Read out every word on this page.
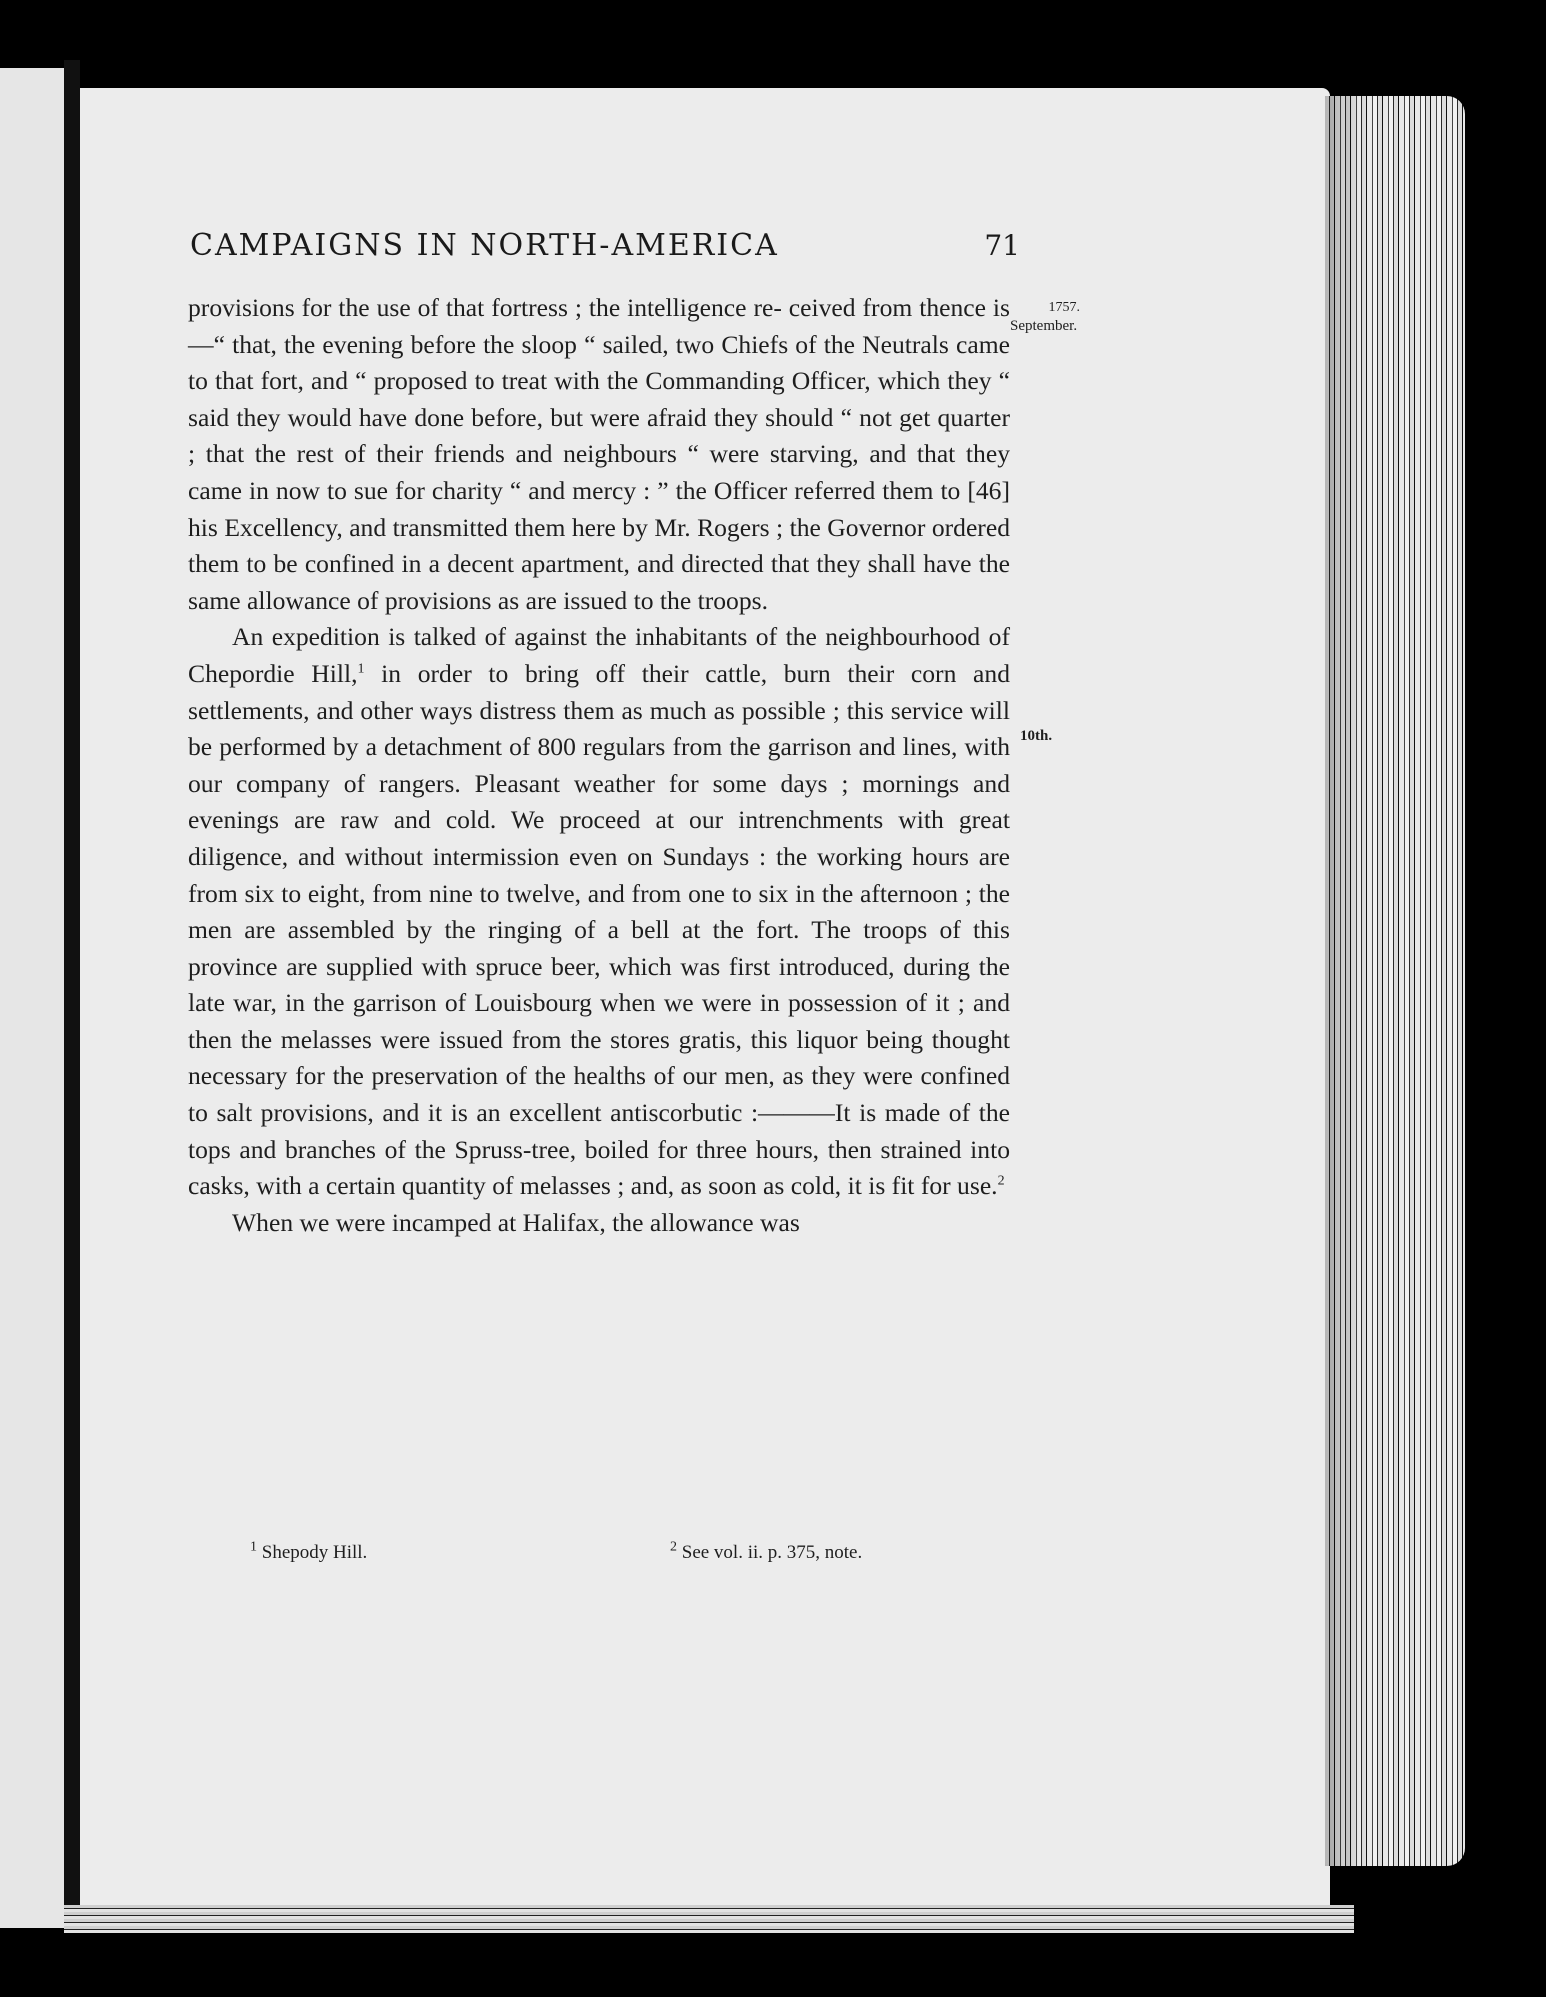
CAMPAIGNS IN NORTH-AMERICA	71
1757.
September.
10th.

provisions for the use of that fortress ; the intelligence re- ceived from thence is—“ that, the evening before the sloop “ sailed, two Chiefs of the Neutrals came to that fort, and “ proposed to treat with the Commanding Officer, which they “ said they would have done before, but were afraid they should “ not get quarter ; that the rest of their friends and neighbours “ were starving, and that they came in now to sue for charity “ and mercy : ” the Officer referred them to [46] his Excellency, and transmitted them here by Mr. Rogers ; the Governor ordered them to be confined in a decent apartment, and directed that they shall have the same allowance of provisions as are issued to the troops.

An expedition is talked of against the inhabitants of the neighbourhood of Chepordie Hill,$^1$ in order to bring off their cattle, burn their corn and settlements, and other ways distress them as much as possible ; this service will be performed by a detachment of 800 regulars from the garrison and lines, with our company of rangers. Pleasant weather for some days ; mornings and evenings are raw and cold. We proceed at our intrenchments with great diligence, and without intermission even on Sundays : the working hours are from six to eight, from nine to twelve, and from one to six in the afternoon ; the men are assembled by the ringing of a bell at the fort. The troops of this province are supplied with spruce beer, which was first introduced, during the late war, in the garrison of Louisbourg when we were in possession of it ; and then the melasses were issued from the stores gratis, this liquor being thought necessary for the preservation of the healths of our men, as they were confined to salt provisions, and it is an excellent antiscorbutic :———It is made of the tops and branches of the Spruss-tree, boiled for three hours, then strained into casks, with a certain quantity of melasses ; and, as soon as cold, it is fit for use.$^2$

When we were incamped at Halifax, the allowance was

$^1$ Shepody Hill.	$^2$ See vol. ii. p. 375, note.
